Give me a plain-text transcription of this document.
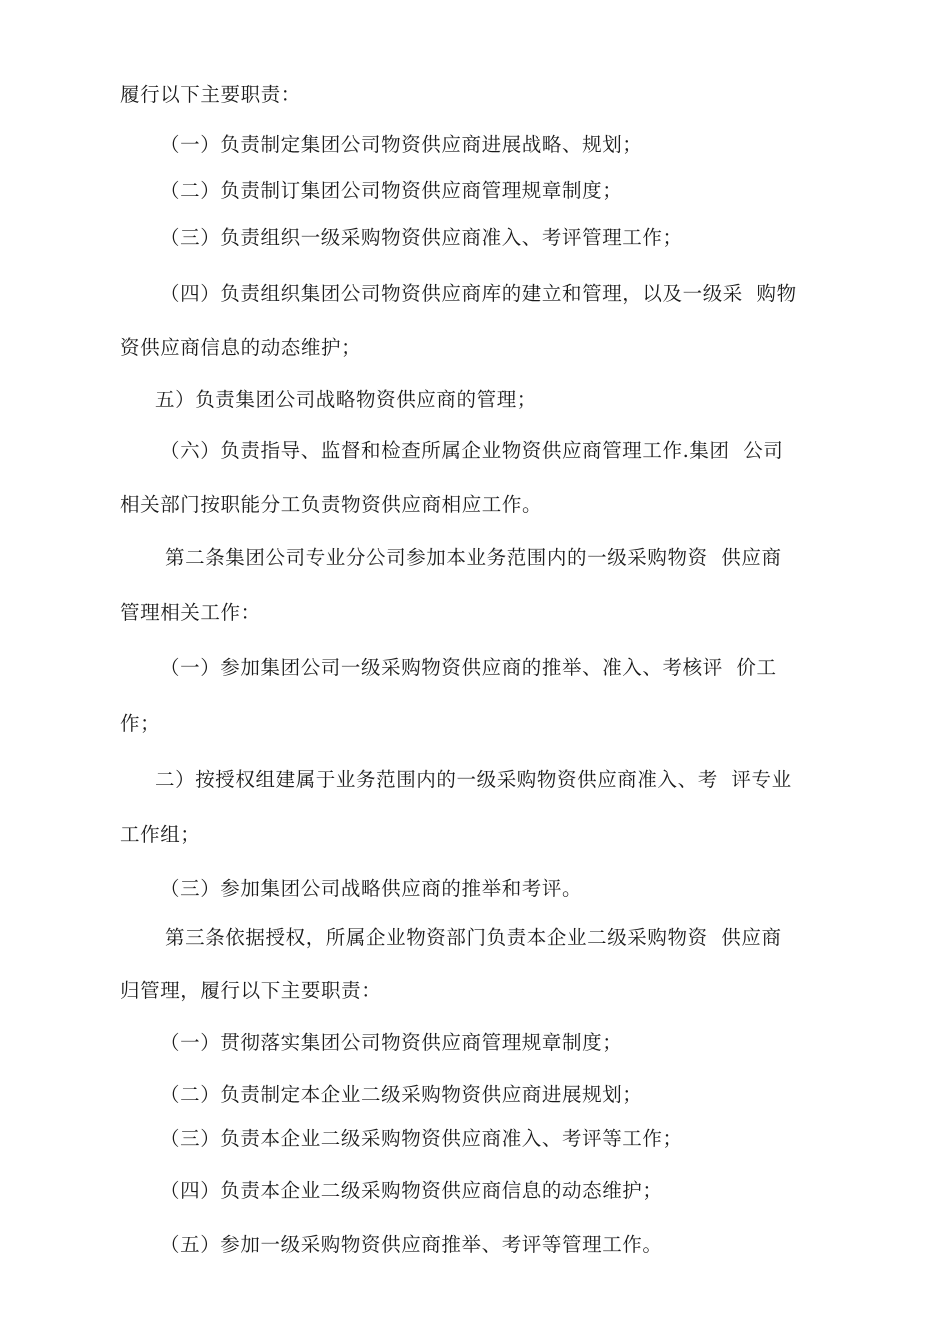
履行以下主要职责：
（一）负责制定集团公司物资供应商进展战略、规划；
（二）负责制订集团公司物资供应商管理规章制度；
（三）负责组织一级采购物资供应商准入、考评管理工作；
（四）负责组织集团公司物资供应商库的建立和管理，以及一级采  购物
资供应商信息的动态维护；
五）负责集团公司战略物资供应商的管理；
（六）负责指导、监督和检查所属企业物资供应商管理工作.集团  公司
相关部门按职能分工负责物资供应商相应工作。
第二条集团公司专业分公司参加本业务范围内的一级采购物资  供应商
管理相关工作：
（一）参加集团公司一级采购物资供应商的推举、准入、考核评  价工
作；
二）按授权组建属于业务范围内的一级采购物资供应商准入、考  评专业
工作组；
（三）参加集团公司战略供应商的推举和考评。
第三条依据授权，所属企业物资部门负责本企业二级采购物资  供应商
归管理，履行以下主要职责：
（一）贯彻落实集团公司物资供应商管理规章制度；
（二）负责制定本企业二级采购物资供应商进展规划；
（三）负责本企业二级采购物资供应商准入、考评等工作；
（四）负责本企业二级采购物资供应商信息的动态维护；
（五）参加一级采购物资供应商推举、考评等管理工作。
